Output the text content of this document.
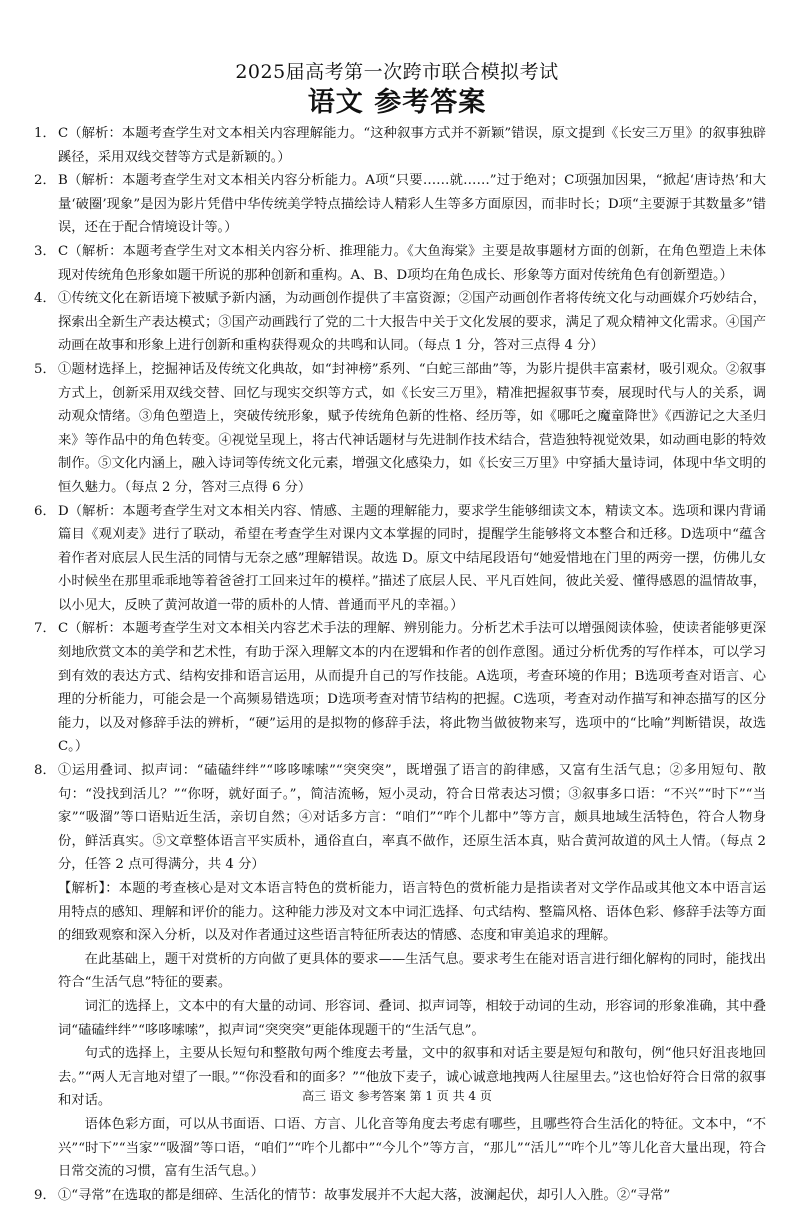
2025届高考第一次跨市联合模拟考试
语文 参考答案
1． C（解析：本题考查学生对文本相关内容理解能力。“这种叙事方式并不新颖”错误，原文提到《长安三万里》的叙事独辟蹊径，采用双线交替等方式是新颖的。）
2． B（解析：本题考查学生对文本相关内容分析能力。A项“只要……就……”过于绝对；C项强加因果，“掀起‘唐诗热’和大量‘破圈’现象”是因为影片凭借中华传统美学特点描绘诗人精彩人生等多方面原因，而非时长；D项“主要源于其数量多”错误，还在于配合情境设计等。）
3． C（解析：本题考查学生对文本相关内容分析、推理能力。《大鱼海棠》主要是故事题材方面的创新，在角色塑造上未体现对传统角色形象如题干所说的那种创新和重构。A、B、D项均在角色成长、形象等方面对传统角色有创新塑造。）
4． ①传统文化在新语境下被赋予新内涵，为动画创作提供了丰富资源；②国产动画创作者将传统文化与动画媒介巧妙结合，探索出全新生产表达模式；③国产动画践行了党的二十大报告中关于文化发展的要求，满足了观众精神文化需求。④国产动画在故事和形象上进行创新和重构获得观众的共鸣和认同。（每点 1 分，答对三点得 4 分）
5． ①题材选择上，挖掘神话及传统文化典故，如“封神榜”系列、“白蛇三部曲”等，为影片提供丰富素材，吸引观众。②叙事方式上，创新采用双线交替、回忆与现实交织等方式，如《长安三万里》，精准把握叙事节奏，展现时代与人的关系，调动观众情绪。③角色塑造上，突破传统形象，赋予传统角色新的性格、经历等，如《哪吒之魔童降世》《西游记之大圣归来》等作品中的角色转变。④视觉呈现上，将古代神话题材与先进制作技术结合，营造独特视觉效果，如动画电影的特效制作。⑤文化内涵上，融入诗词等传统文化元素，增强文化感染力，如《长安三万里》中穿插大量诗词，体现中华文明的恒久魅力。（每点 2 分，答对三点得 6 分）
6． D（解析：本题考查学生对文本相关内容、情感、主题的理解能力，要求学生能够细读文本，精读文本。选项和课内背诵篇目《观刈麦》进行了联动，希望在考查学生对课内文本掌握的同时，提醒学生能够将文本整合和迁移。D选项中“蕴含着作者对底层人民生活的同情与无奈之感”理解错误。故选 D。原文中结尾段语句“她爱惜地在门里的两旁一摆，仿佛儿女小时候坐在那里乖乖地等着爸爸打工回来过年的模样。”描述了底层人民、平凡百姓间，彼此关爱、懂得感恩的温情故事，以小见大，反映了黄河故道一带的质朴的人情、普通而平凡的幸福。）
7． C（解析：本题考查学生对文本相关内容艺术手法的理解、辨别能力。分析艺术手法可以增强阅读体验，使读者能够更深刻地欣赏文本的美学和艺术性，有助于深入理解文本的内在逻辑和作者的创作意图。通过分析优秀的写作样本，可以学习到有效的表达方式、结构安排和语言运用，从而提升自己的写作技能。A选项，考查环境的作用；B选项考查对语言、心理的分析能力，可能会是一个高频易错选项；D选项考查对情节结构的把握。C选项，考查对动作描写和神态描写的区分能力，以及对修辞手法的辨析，“硬”运用的是拟物的修辞手法，将此物当做彼物来写，选项中的“比喻”判断错误，故选 C。）
8． ①运用叠词、拟声词：“磕磕绊绊”“哆哆嗦嗦”“突突突”，既增强了语言的韵律感，又富有生活气息；②多用短句、散句：“没找到活儿？”“你呀，就好面子。”，简洁流畅，短小灵动，符合日常表达习惯；③叙事多口语：“不兴”“时下”“当家”“吸溜”等口语贴近生活，亲切自然；④对话多方言：“咱们”“咋个儿都中”等方言，颇具地域生活特色，符合人物身份，鲜活真实。⑤文章整体语言平实质朴，通俗直白，率真不做作，还原生活本真，贴合黄河故道的风土人情。（每点 2 分，任答 2 点可得满分，共 4 分）

【解析】：本题的考查核心是对文本语言特色的赏析能力，语言特色的赏析能力是指读者对文学作品或其他文本中语言运用特点的感知、理解和评价的能力。这种能力涉及对文本中词汇选择、句式结构、整篇风格、语体色彩、修辞手法等方面的细致观察和深入分析，以及对作者通过这些语言特征所表达的情感、态度和审美追求的理解。

在此基础上，题干对赏析的方向做了更具体的要求——生活气息。要求考生在能对语言进行细化解构的同时，能找出符合“生活气息”特征的要素。

词汇的选择上，文本中的有大量的动词、形容词、叠词、拟声词等，相较于动词的生动，形容词的形象准确，其中叠词“磕磕绊绊”“哆哆嗦嗦”，拟声词“突突突”更能体现题干的“生活气息”。

句式的选择上，主要从长短句和整散句两个维度去考量，文中的叙事和对话主要是短句和散句，例“他只好沮丧地回去。”“两人无言地对望了一眼。”“你没看和的面多？”“他放下麦子，诚心诚意地拽两人往屋里去。”这也恰好符合日常的叙事和对话。

语体色彩方面，可以从书面语、口语、方言、儿化音等角度去考虑有哪些，且哪些符合生活化的特征。文本中，“不兴”“时下”“当家”“吸溜”等口语，“咱们”“咋个儿都中”“今儿个”等方言，“那儿”“活儿”“咋个儿”等儿化音大量出现，符合日常交流的习惯，富有生活气息。）

9． ①“寻常”在选取的都是细碎、生活化的情节：故事发展并不大起大落，波澜起伏，却引人入胜。②“寻常”
高三 语文 参考答案 第 1 页 共 4 页
